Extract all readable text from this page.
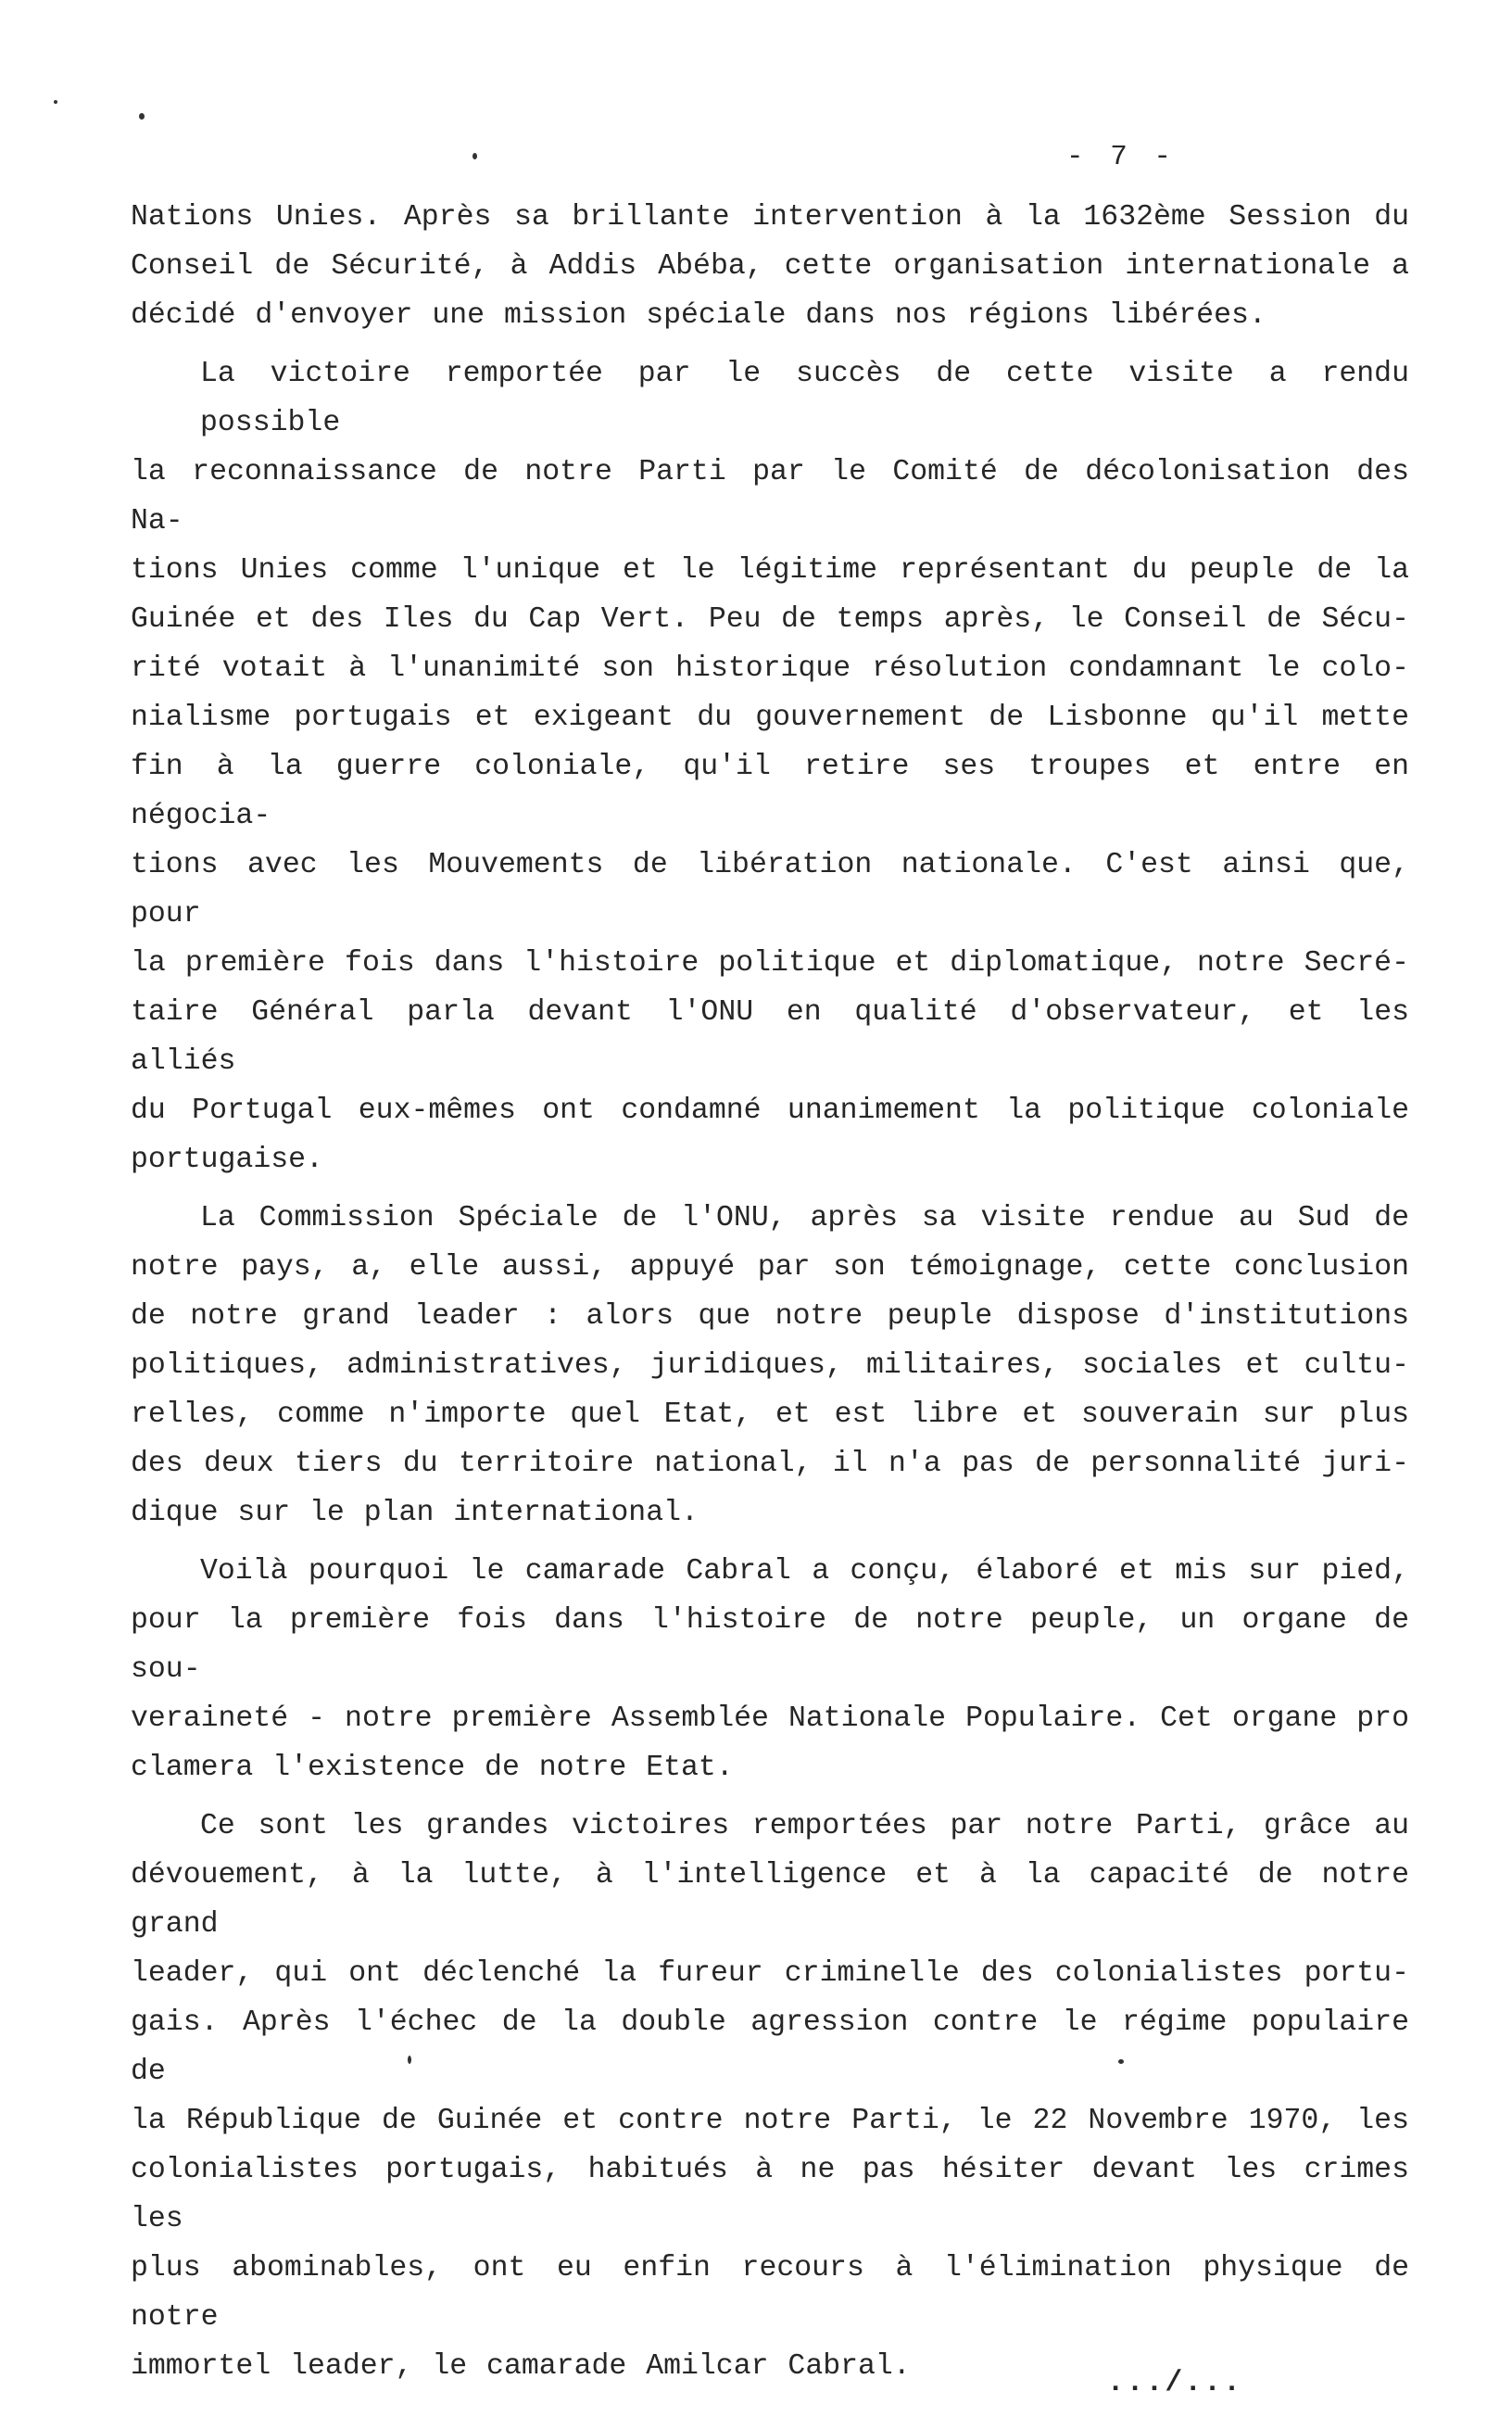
- 7 -
Nations Unies. Après sa brillante intervention à la 1632ème Session du
Conseil de Sécurité, à Addis Abéba, cette organisation internationale a
décidé d'envoyer une mission spéciale dans nos régions libérées.
La victoire remportée par le succès de cette visite a rendu possible
la reconnaissance de notre Parti par le Comité de décolonisation des Na-
tions Unies comme l'unique et le légitime représentant du peuple de la
Guinée et des Iles du Cap Vert. Peu de temps après, le Conseil de Sécu-
rité votait à l'unanimité son historique résolution condamnant le colo-
nialisme portugais et exigeant du gouvernement de Lisbonne qu'il mette
fin à la guerre coloniale, qu'il retire ses troupes et entre en négocia-
tions avec les Mouvements de libération nationale. C'est ainsi que, pour
la première fois dans l'histoire politique et diplomatique, notre Secré-
taire Général parla devant l'ONU en qualité d'observateur, et les alliés
du Portugal eux-mêmes ont condamné unanimement la politique coloniale
portugaise.
La Commission Spéciale de l'ONU, après sa visite rendue au Sud de
notre pays, a, elle aussi, appuyé par son témoignage, cette conclusion
de notre grand leader : alors que notre peuple dispose d'institutions
politiques, administratives, juridiques, militaires, sociales et cultu-
relles, comme n'importe quel Etat, et est libre et souverain sur plus
des deux tiers du territoire national, il n'a pas de personnalité juri-
dique sur le plan international.
Voilà pourquoi le camarade Cabral a conçu, élaboré et mis sur pied,
pour la première fois dans l'histoire de notre peuple, un organe de sou-
veraineté - notre première Assemblée Nationale Populaire. Cet organe pro
clamera l'existence de notre Etat.
Ce sont les grandes victoires remportées par notre Parti, grâce au
dévouement, à la lutte, à l'intelligence et à la capacité de notre grand
leader, qui ont déclenché la fureur criminelle des colonialistes portu-
gais. Après l'échec de la double agression contre le régime populaire de
la République de Guinée et contre notre Parti, le 22 Novembre 1970, les
colonialistes portugais, habitués à ne pas hésiter devant les crimes les
plus abominables, ont eu enfin recours à l'élimination physique de notre
immortel leader, le camarade Amilcar Cabral.
.../...
